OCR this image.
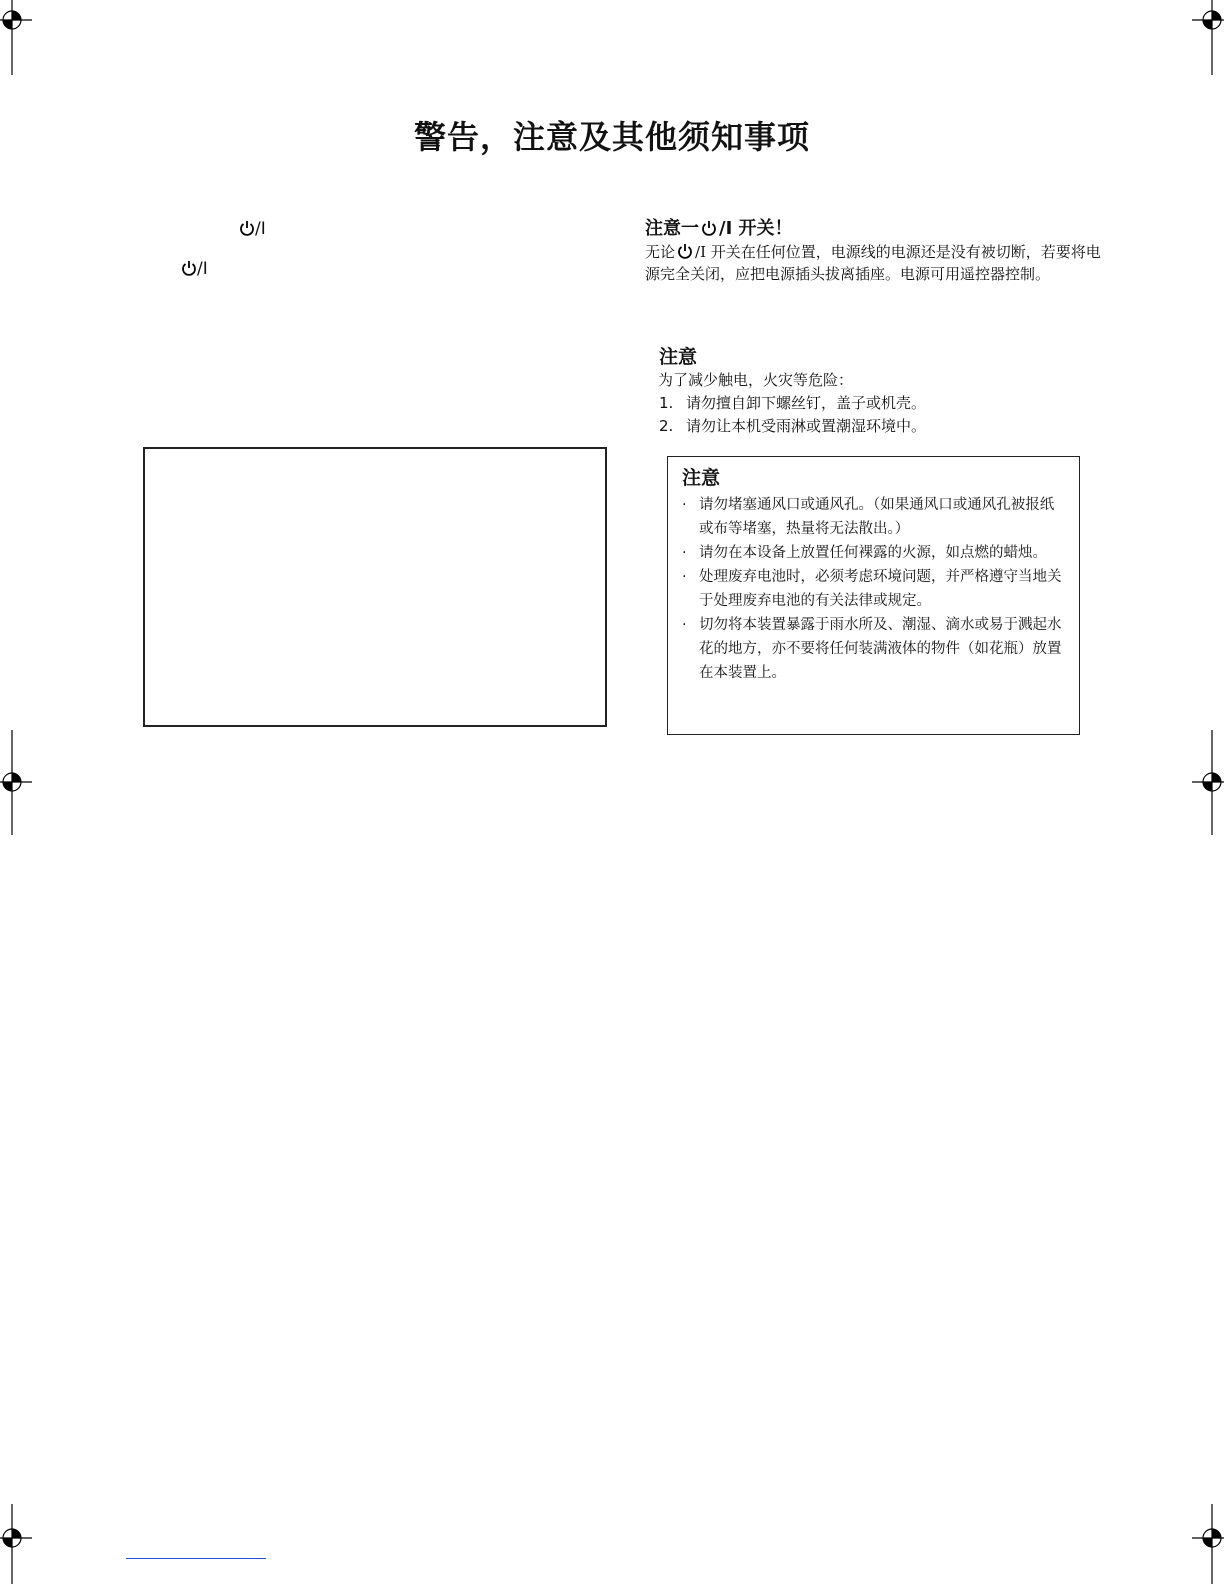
警告，注意及其他须知事项
/I
/I
注意一 /I 开关！
无论 /I 开关在任何位置，电源线的电源还是没有被切断，若要将电源完全关闭，应把电源插头拔离插座。电源可用遥控器控制。
注意
为了减少触电，火灾等危险：
1. 请勿擅自卸下螺丝钉，盖子或机壳。
2. 请勿让本机受雨淋或置潮湿环境中。
注意
· 请勿堵塞通风口或通风孔。（如果通风口或通风孔被报纸或布等堵塞，热量将无法散出。）
· 请勿在本设备上放置任何裸露的火源，如点燃的蜡烛。
· 处理废弃电池时，必须考虑环境问题，并严格遵守当地关于处理废弃电池的有关法律或规定。
· 切勿将本装置暴露于雨水所及、潮湿、滴水或易于溅起水花的地方，亦不要将任何装满液体的物件（如花瓶）放置在本装置上。
